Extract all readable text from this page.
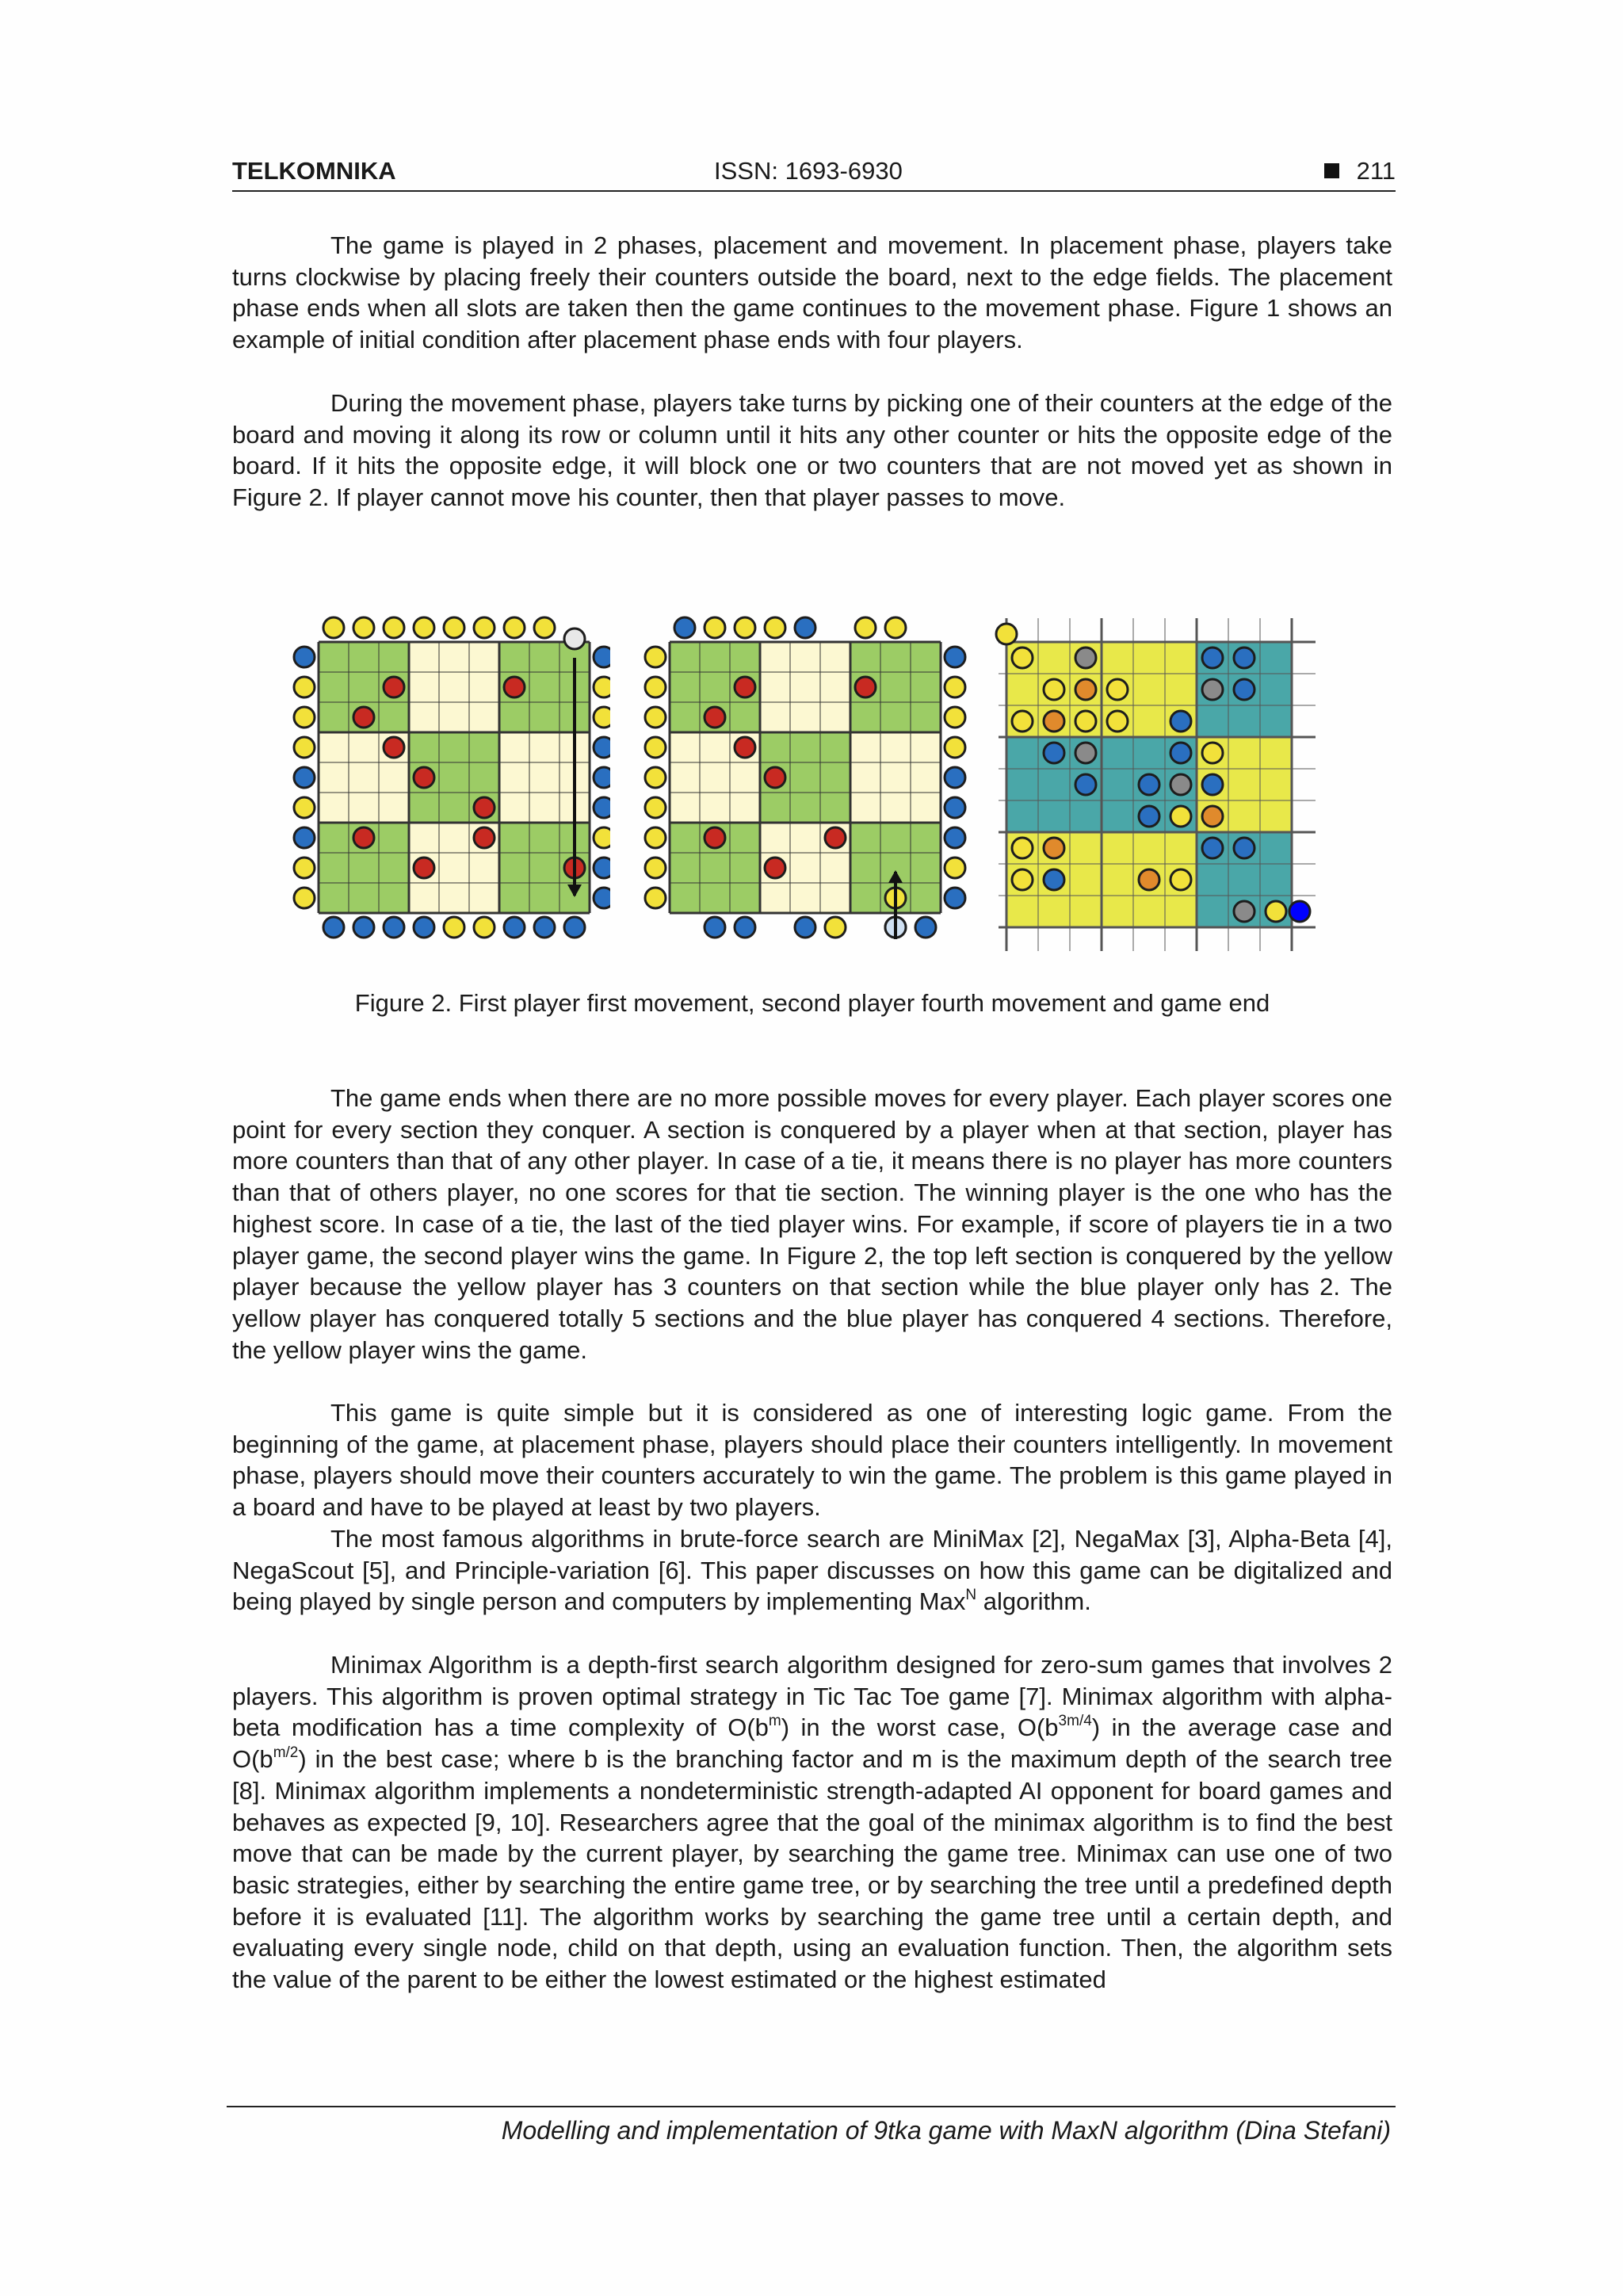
TELKOMNIKA	ISSN: 1693-6930	211

The game is played in 2 phases, placement and movement. In placement phase, players take turns clockwise by placing freely their counters outside the board, next to the edge fields. The placement phase ends when all slots are taken then the game continues to the movement phase. Figure 1 shows an example of initial condition after placement phase ends with four players.

During the movement phase, players take turns by picking one of their counters at the edge of the board and moving it along its row or column until it hits any other counter or hits the opposite edge of the board. If it hits the opposite edge, it will block one or two counters that are not moved yet as shown in Figure 2. If player cannot move his counter, then that player passes to move.

Figure 2. First player first movement, second player fourth movement and game end

The game ends when there are no more possible moves for every player. Each player scores one point for every section they conquer. A section is conquered by a player when at that section, player has more counters than that of any other player. In case of a tie, it means there is no player has more counters than that of others player, no one scores for that tie section. The winning player is the one who has the highest score. In case of a tie, the last of the tied player wins. For example, if score of players tie in a two player game, the second player wins the game. In Figure 2, the top left section is conquered by the yellow player because the yellow player has 3 counters on that section while the blue player only has 2. The yellow player has conquered totally 5 sections and the blue player has conquered 4 sections. Therefore, the yellow player wins the game.

This game is quite simple but it is considered as one of interesting logic game. From the beginning of the game, at placement phase, players should place their counters intelligently. In movement phase, players should move their counters accurately to win the game. The problem is this game played in a board and have to be played at least by two players.

The most famous algorithms in brute-force search are MiniMax [2], NegaMax [3], Alpha-Beta [4], NegaScout [5], and Principle-variation [6]. This paper discusses on how this game can be digitalized and being played by single person and computers by implementing Max$^N$ algorithm.

Minimax Algorithm is a depth-first search algorithm designed for zero-sum games that involves 2 players. This algorithm is proven optimal strategy in Tic Tac Toe game [7]. Minimax algorithm with alpha-beta modification has a time complexity of $O(b^m)$ in the worst case, $O(b^{3m/4})$ in the average case and $O(b^{m/2})$ in the best case; where b is the branching factor and m is the maximum depth of the search tree [8]. Minimax algorithm implements a nondeterministic strength-adapted AI opponent for board games and behaves as expected [9, 10]. Researchers agree that the goal of the minimax algorithm is to find the best move that can be made by the current player, by searching the game tree. Minimax can use one of two basic strategies, either by searching the entire game tree, or by searching the tree until a predefined depth before it is evaluated [11]. The algorithm works by searching the game tree until a certain depth, and evaluating every single node, child on that depth, using an evaluation function. Then, the algorithm sets the value of the parent to be either the lowest estimated or the highest estimated

Modelling and implementation of 9tka game with MaxN algorithm (Dina Stefani)
